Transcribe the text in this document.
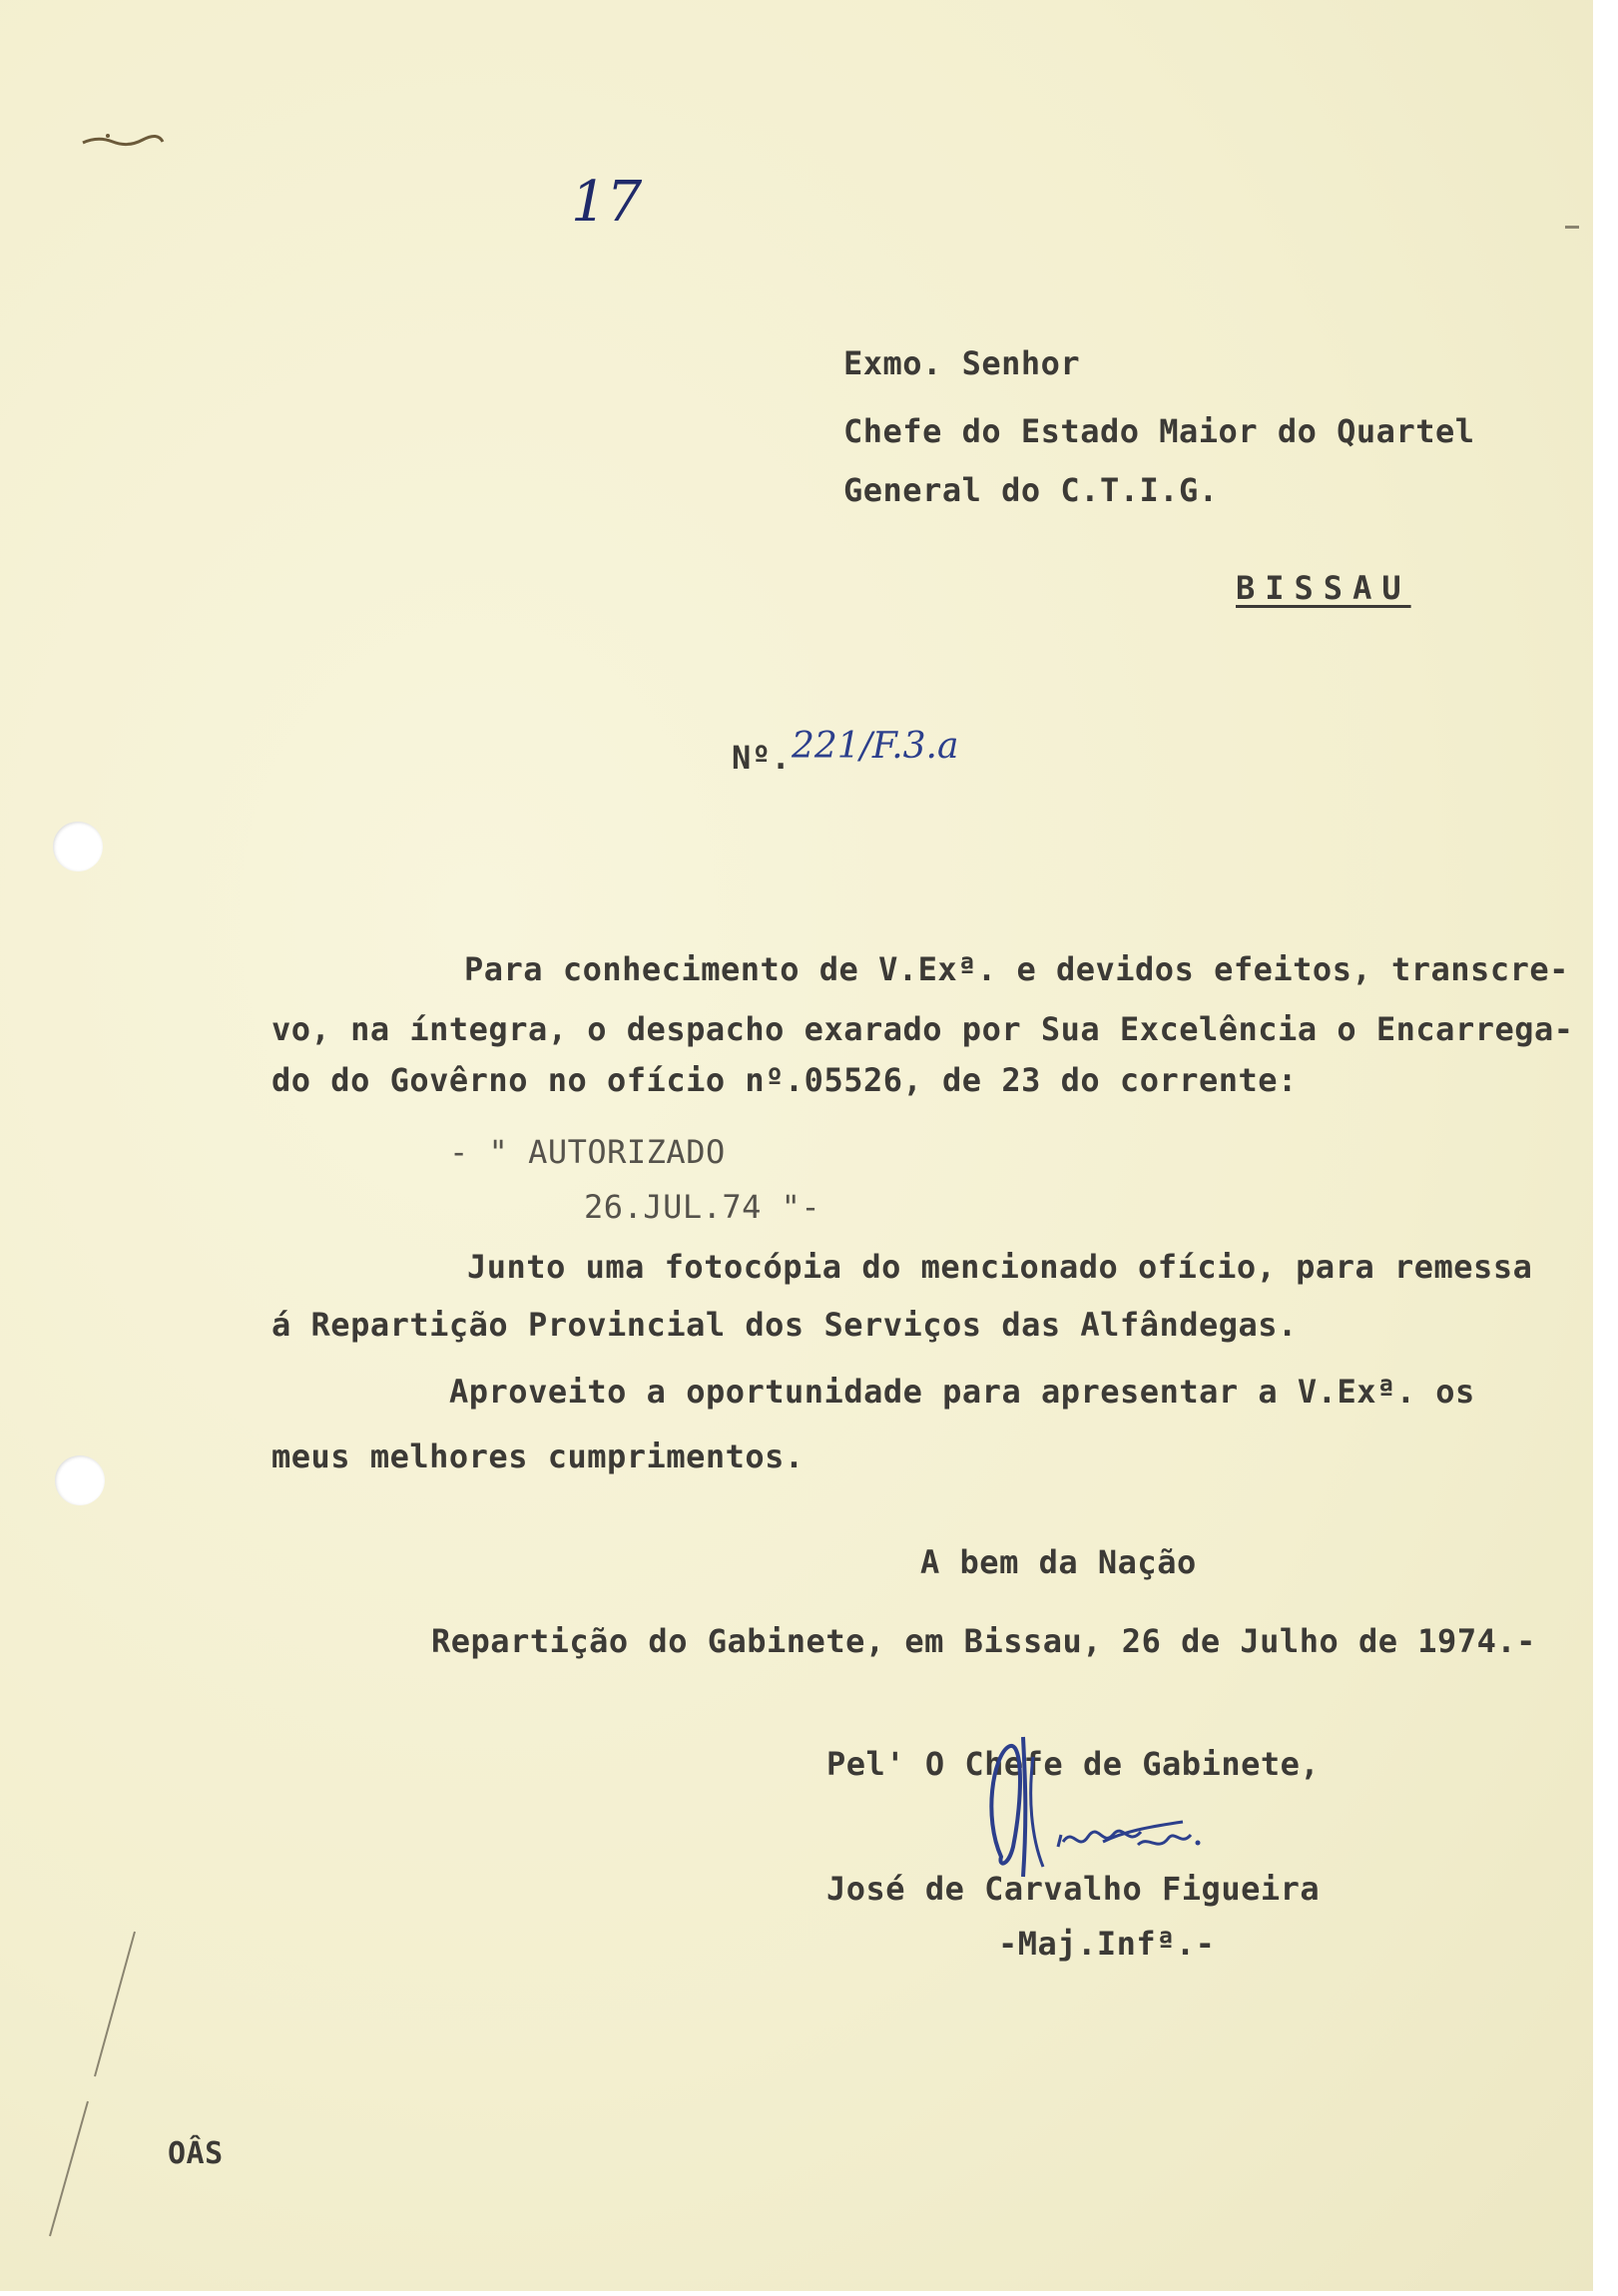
17
Exmo. Senhor
Chefe do Estado Maior do Quartel
General do C.T.I.G.
BISSAU
Nº. 221/F.3.a
Para conhecimento de V.Exª. e devidos efeitos, transcre-
vo, na íntegra, o despacho exarado por Sua Excelência o Encarrega-
do do Govêrno no ofício nº.05526, de 23 do corrente:
- " AUTORIZADO
26.JUL.74 "-
Junto uma fotocópia do mencionado ofício, para remessa
á Repartição Provincial dos Serviços das Alfândegas.
Aproveito a oportunidade para apresentar a V.Exª. os
meus melhores cumprimentos.
A bem da Nação
Repartição do Gabinete, em Bissau, 26 de Julho de 1974.-
Pel' O Chefe de Gabinete,
José de Carvalho Figueira
-Maj.Infª.-
OÂS
